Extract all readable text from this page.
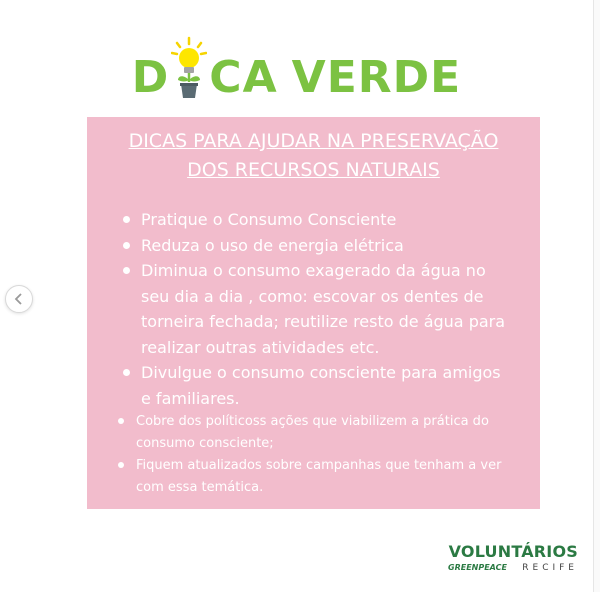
D CA VERDE
DICAS PARA AJUDAR NA PRESERVAÇÃO
DOS RECURSOS NATURAIS
Pratique o Consumo Consciente
Reduza o uso de energia elétrica
Diminua o consumo exagerado da água no seu dia a dia , como: escovar os dentes de torneira fechada; reutilize resto de água para realizar outras atividades etc.
Divulgue o consumo consciente para amigos e familiares.
Cobre dos políticoss ações que viabilizem a prática do consumo consciente;
Fiquem atualizados sobre campanhas que tenham a ver com essa temática.
VOLUNTÁRIOS
GREENPEACE RECIFE
